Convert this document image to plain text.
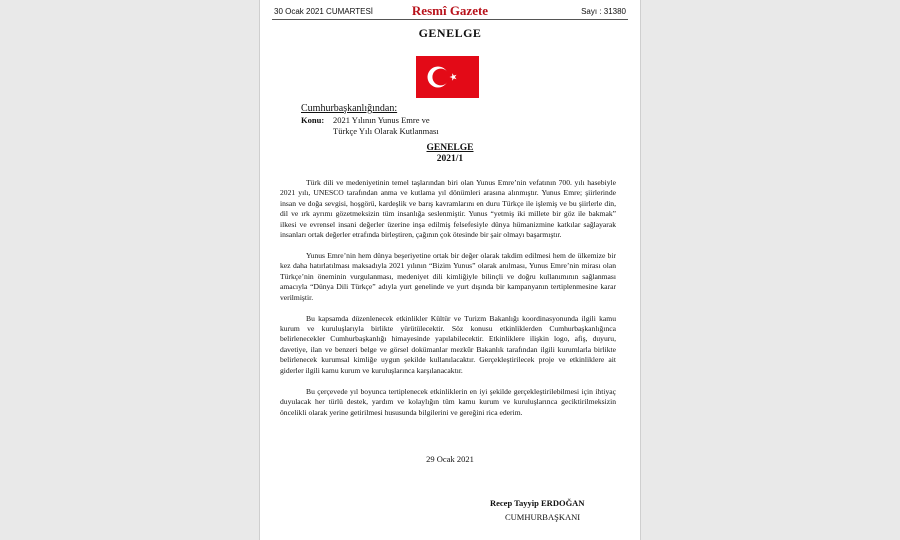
30 Ocak 2021 CUMARTESİ	Resmî Gazete	Sayı : 31380
GENELGE
Cumhurbaşkanlığından:
Konu: 2021 Yılının Yunus Emre ve
Türkçe Yılı Olarak Kutlanması
GENELGE
2021/1

Türk dili ve medeniyetinin temel taşlarından biri olan Yunus Emre’nin vefatının 700. yılı hasebiyle 2021 yılı, UNESCO tarafından anma ve kutlama yıl dönümleri arasına alınmıştır. Yunus Emre; şiirlerinde insan ve doğa sevgisi, hoşgörü, kardeşlik ve barış kavramlarını en duru Türkçe ile işlemiş ve bu şiirlerle din, dil ve ırk ayrımı gözetmeksizin tüm insanlığa seslenmiştir. Yunus “yetmiş iki millete bir göz ile bakmak” ilkesi ve evrensel insani değerler üzerine inşa edilmiş felsefesiyle dünya hümanizmine katkılar sağlayarak insanları ortak değerler etrafında birleştiren, çağının çok ötesinde bir şair olmayı başarmıştır.

Yunus Emre’nin hem dünya beşeriyetine ortak bir değer olarak takdim edilmesi hem de ülkemize bir kez daha hatırlatılması maksadıyla 2021 yılının “Bizim Yunus” olarak anılması, Yunus Emre’nin mirası olan Türkçe’nin öneminin vurgulanması, medeniyet dili kimliğiyle bilinçli ve doğru kullanımının sağlanması amacıyla “Dünya Dili Türkçe” adıyla yurt genelinde ve yurt dışında bir kampanyanın tertiplenmesine karar verilmiştir.

Bu kapsamda düzenlenecek etkinlikler Kültür ve Turizm Bakanlığı koordinasyonunda ilgili kamu kurum ve kuruluşlarıyla birlikte yürütülecektir. Söz konusu etkinliklerden Cumhurbaşkanlığınca belirlenecekler Cumhurbaşkanlığı himayesinde yapılabilecektir. Etkinliklere ilişkin logo, afiş, duyuru, davetiye, ilan ve benzeri belge ve görsel dokümanlar mezkûr Bakanlık tarafından ilgili kurumlarla birlikte belirlenecek kurumsal kimliğe uygun şekilde kullanılacaktır. Gerçekleştirilecek proje ve etkinliklere ait giderler ilgili kamu kurum ve kuruluşlarınca karşılanacaktır.

Bu çerçevede yıl boyunca tertiplenecek etkinliklerin en iyi şekilde gerçekleştirilebilmesi için ihtiyaç duyulacak her türlü destek, yardım ve kolaylığın tüm kamu kurum ve kuruluşlarınca geciktirilmeksizin öncelikli olarak yerine getirilmesi hususunda bilgilerini ve gereğini rica ederim.

29 Ocak 2021
Recep Tayyip ERDOĞAN
CUMHURBAŞKANI
